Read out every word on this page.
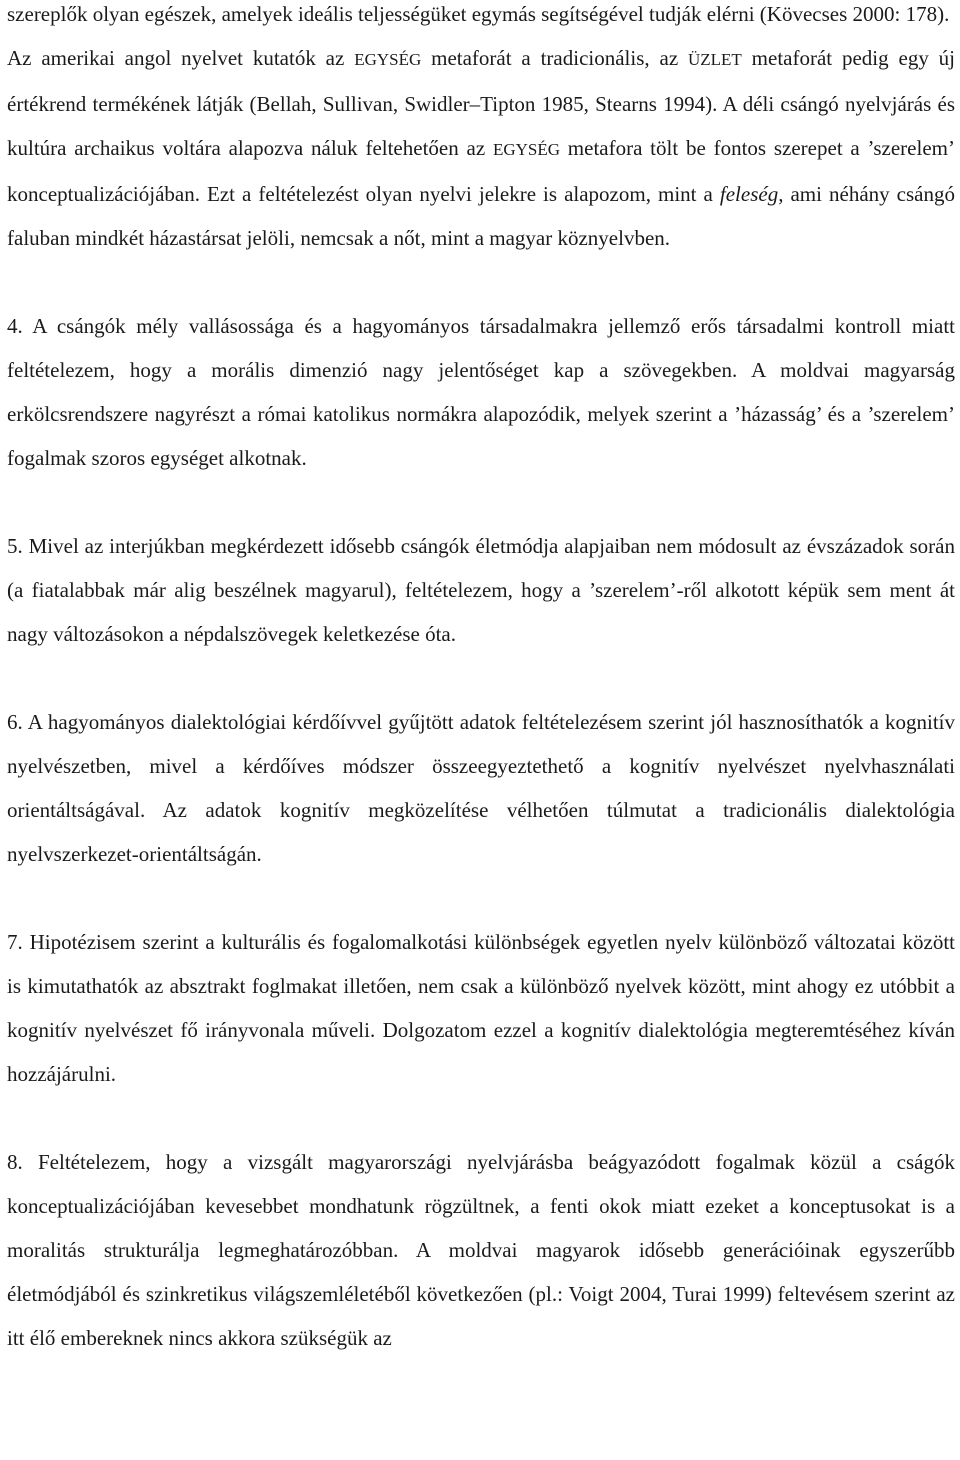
szereplők olyan egészek, amelyek ideális teljességüket egymás segítségével tudják elérni (Kövecses 2000: 178).

Az amerikai angol nyelvet kutatók az EGYSÉG metaforát a tradicionális, az ÜZLET metaforát pedig egy új értékrend termékének látják (Bellah, Sullivan, Swidler–Tipton 1985, Stearns 1994). A déli csángó nyelvjárás és kultúra archaikus voltára alapozva náluk feltehetően az EGYSÉG metafora tölt be fontos szerepet a ’szerelem’ konceptualizációjában. Ezt a feltételezést olyan nyelvi jelekre is alapozom, mint a feleség, ami néhány csángó faluban mindkét házastársat jelöli, nemcsak a nőt, mint a magyar köznyelvben.

4. A csángók mély vallásossága és a hagyományos társadalmakra jellemző erős társadalmi kontroll miatt feltételezem, hogy a morális dimenzió nagy jelentőséget kap a szövegekben. A moldvai magyarság erkölcsrendszere nagyrészt a római katolikus normákra alapozódik, melyek szerint a ’házasság’ és a ’szerelem’ fogalmak szoros egységet alkotnak.

5. Mivel az interjúkban megkérdezett idősebb csángók életmódja alapjaiban nem módosult az évszázadok során (a fiatalabbak már alig beszélnek magyarul), feltételezem, hogy a ’szerelem’-ről alkotott képük sem ment át nagy változásokon a népdalszövegek keletkezése óta.

6. A hagyományos dialektológiai kérdőívvel gyűjtött adatok feltételezésem szerint jól hasznosíthatók a kognitív nyelvészetben, mivel a kérdőíves módszer összeegyeztethető a kognitív nyelvészet nyelvhasználati orientáltságával. Az adatok kognitív megközelítése vélhetően túlmutat a tradicionális dialektológia nyelvszerkezet-orientáltságán.

7. Hipotézisem szerint a kulturális és fogalomalkotási különbségek egyetlen nyelv különböző változatai között is kimutathatók az absztrakt foglmakat illetően, nem csak a különböző nyelvek között, mint ahogy ez utóbbit a kognitív nyelvészet fő irányvonala műveli. Dolgozatom ezzel a kognitív dialektológia megteremtéséhez kíván hozzájárulni.

8. Feltételezem, hogy a vizsgált magyarországi nyelvjárásba beágyazódott fogalmak közül a cságók konceptualizációjában kevesebbet mondhatunk rögzültnek, a fenti okok miatt ezeket a konceptusokat is a moralitás strukturálja legmeghatározóbban. A moldvai magyarok idősebb generációinak egyszerűbb életmódjából és szinkretikus világszemléletéből következően (pl.: Voigt 2004, Turai 1999) feltevésem szerint az itt élő embereknek nincs akkora szükségük az
